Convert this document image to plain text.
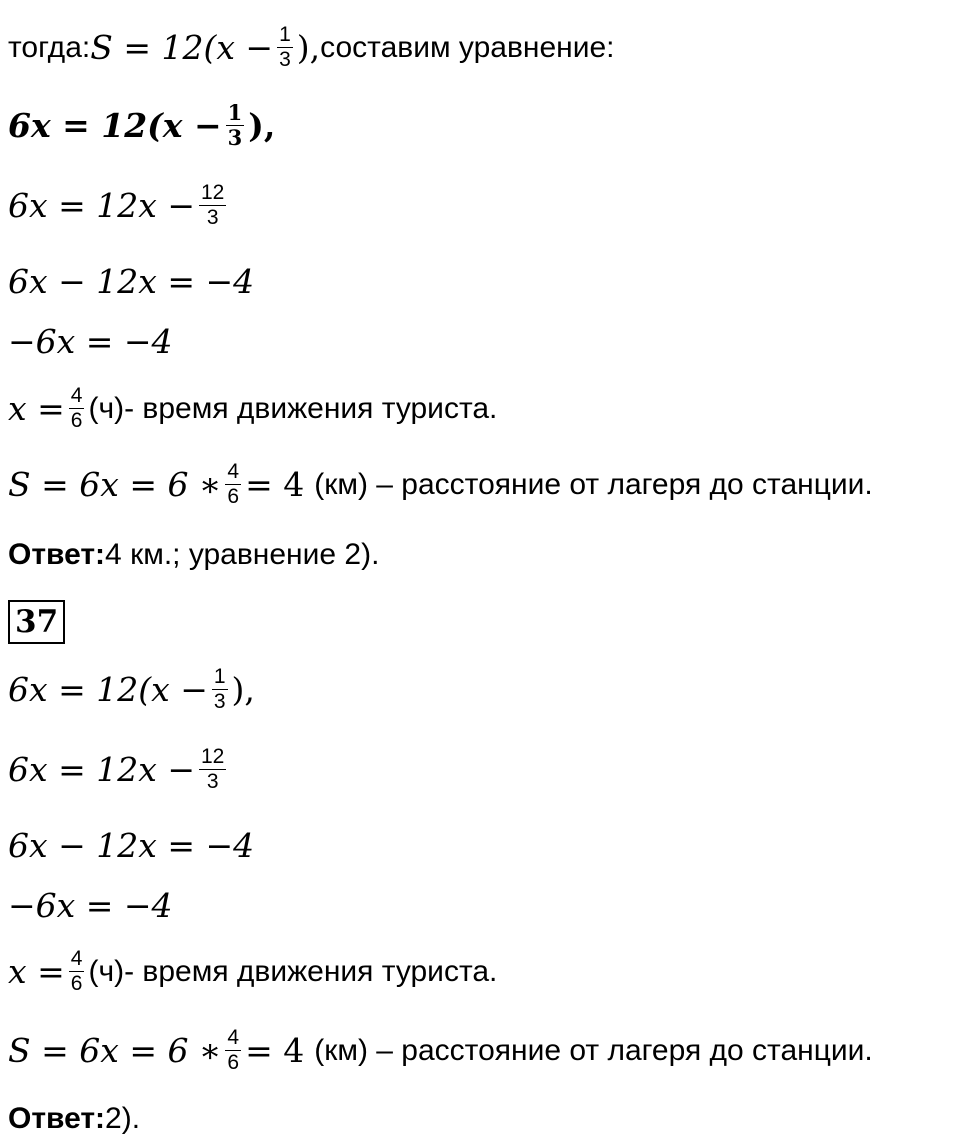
тогда: $S = 12(x - \frac{1}{3}$ ), составим уравнение:
$6x = 12(x - \frac{1}{3}$ ),
$6x = 12x - \frac{12}{3}$
6x − 12x = −4
−6x = −4
$x = \frac{4}{6} (ч)-$ время движения туриста.
S = 6x = 6 ∗ $\frac{4}{6} = 4$ (км) – расстояние от лагеря до станции.
Ответ: 4 км.; уравнение 2).
37
$6x = 12(x - \frac{1}{3}$ ),
$6x = 12x - \frac{12}{3}$
6x − 12x = −4
−6x = −4
$x = \frac{4}{6} (ч)-$ время движения туриста.
S = 6x = 6 ∗ $\frac{4}{6} = 4$ (км) – расстояние от лагеря до станции.
Ответ: 2).
